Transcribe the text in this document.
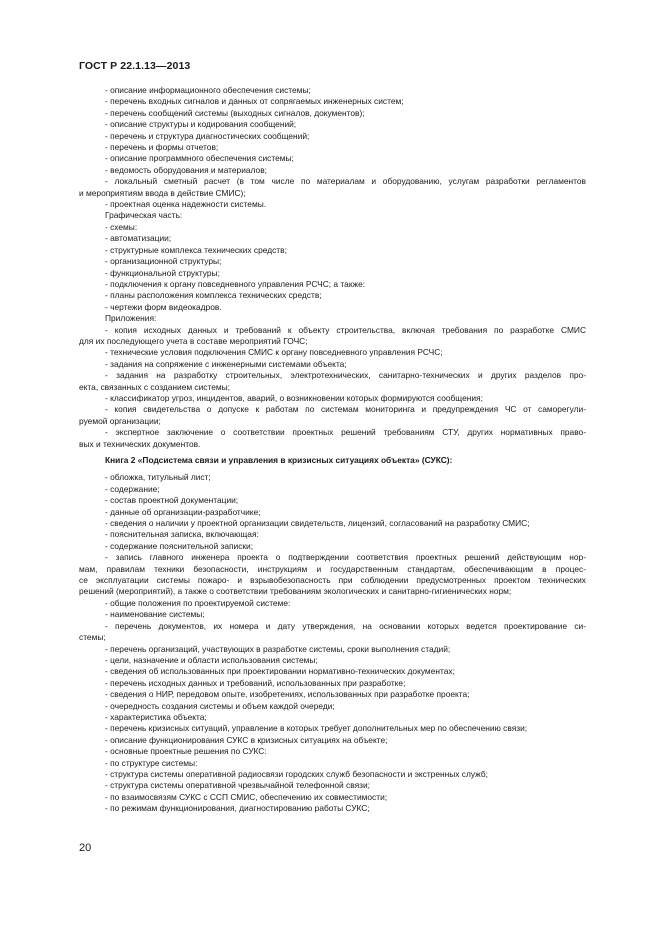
ГОСТ Р 22.1.13—2013
- описание информационного обеспечения системы;
- перечень входных сигналов и данных от сопрягаемых инженерных систем;
- перечень сообщений системы (выходных сигналов, документов);
- описание структуры и кодирования сообщений;
- перечень и структура диагностических сообщений;
- перечень и формы отчетов;
- описание программного обеспечения системы;
- ведомость оборудования и материалов;
- локальный сметный расчет (в том числе по материалам и оборудованию, услугам разработки регламентов
и мероприятиям ввода в действие СМИС);
- проектная оценка надежности системы.
Графическая часть:
- схемы:
- автоматизации;
- структурные комплекса технических средств;
- организационной структуры;
- функциональной структуры;
- подключения к органу повседневного управления РСЧС; а также:
- планы расположения комплекса технических средств;
- чертежи форм видеокадров.
Приложения:
- копия исходных данных и требований к объекту строительства, включая требования по разработке СМИС
для их последующего учета в составе мероприятий ГОЧС;
- технические условия подключения СМИС к органу повседневного управления РСЧС;
- задания на сопряжение с инженерными системами объекта;
- задания на разработку строительных, электротехнических, санитарно-технических и других разделов про-
екта, связанных с созданием системы;
- классификатор угроз, инцидентов, аварий, о возникновении которых формируются сообщения;
- копия свидетельства о допуске к работам по системам мониторинга и предупреждения ЧС от саморегули-
руемой организации;
- экспертное заключение о соответствии проектных решений требованиям СТУ, других нормативных право-
вых и технических документов.
Книга 2 «Подсистема связи и управления в кризисных ситуациях объекта» (СУКС):
- обложка, титульный лист;
- содержание;
- состав проектной документации;
- данные об организации-разработчике;
- сведения о наличии у проектной организации свидетельств, лицензий, согласований на разработку СМИС;
- пояснительная записка, включающая:
- содержание пояснительной записки;
- запись главного инженера проекта о подтверждении соответствия проектных решений действующим нор-
мам, правилам техники безопасности, инструкциям и государственным стандартам, обеспечивающим в процес-
се эксплуатации системы пожаро- и взрывобезопасность при соблюдении предусмотренных проектом технических
решений (мероприятий), а также о соответствии требованиям экологических и санитарно-гигиенических норм;
- общие положения по проектируемой системе:
- наименование системы;
- перечень документов, их номера и дату утверждения, на основании которых ведется проектирование си-
стемы;
- перечень организаций, участвующих в разработке системы, сроки выполнения стадий;
- цели, назначение и области использования системы;
- сведения об использованных при проектировании нормативно-технических документах;
- перечень исходных данных и требований, использованных при разработке;
- сведения о НИР, передовом опыте, изобретениях, использованных при разработке проекта;
- очередность создания системы и объем каждой очереди;
- характеристика объекта;
- перечень кризисных ситуаций, управление в которых требует дополнительных мер по обеспечению связи;
- описание функционирования СУКС в кризисных ситуациях на объекте;
- основные проектные решения по СУКС:
- по структуре системы:
- структура системы оперативной радиосвязи городских служб безопасности и экстренных служб;
- структура системы оперативной чрезвычайной телефонной связи;
- по взаимосвязям СУКС с ССП СМИС, обеспечению их совместимости;
- по режимам функционирования, диагностированию работы СУКС;
20
